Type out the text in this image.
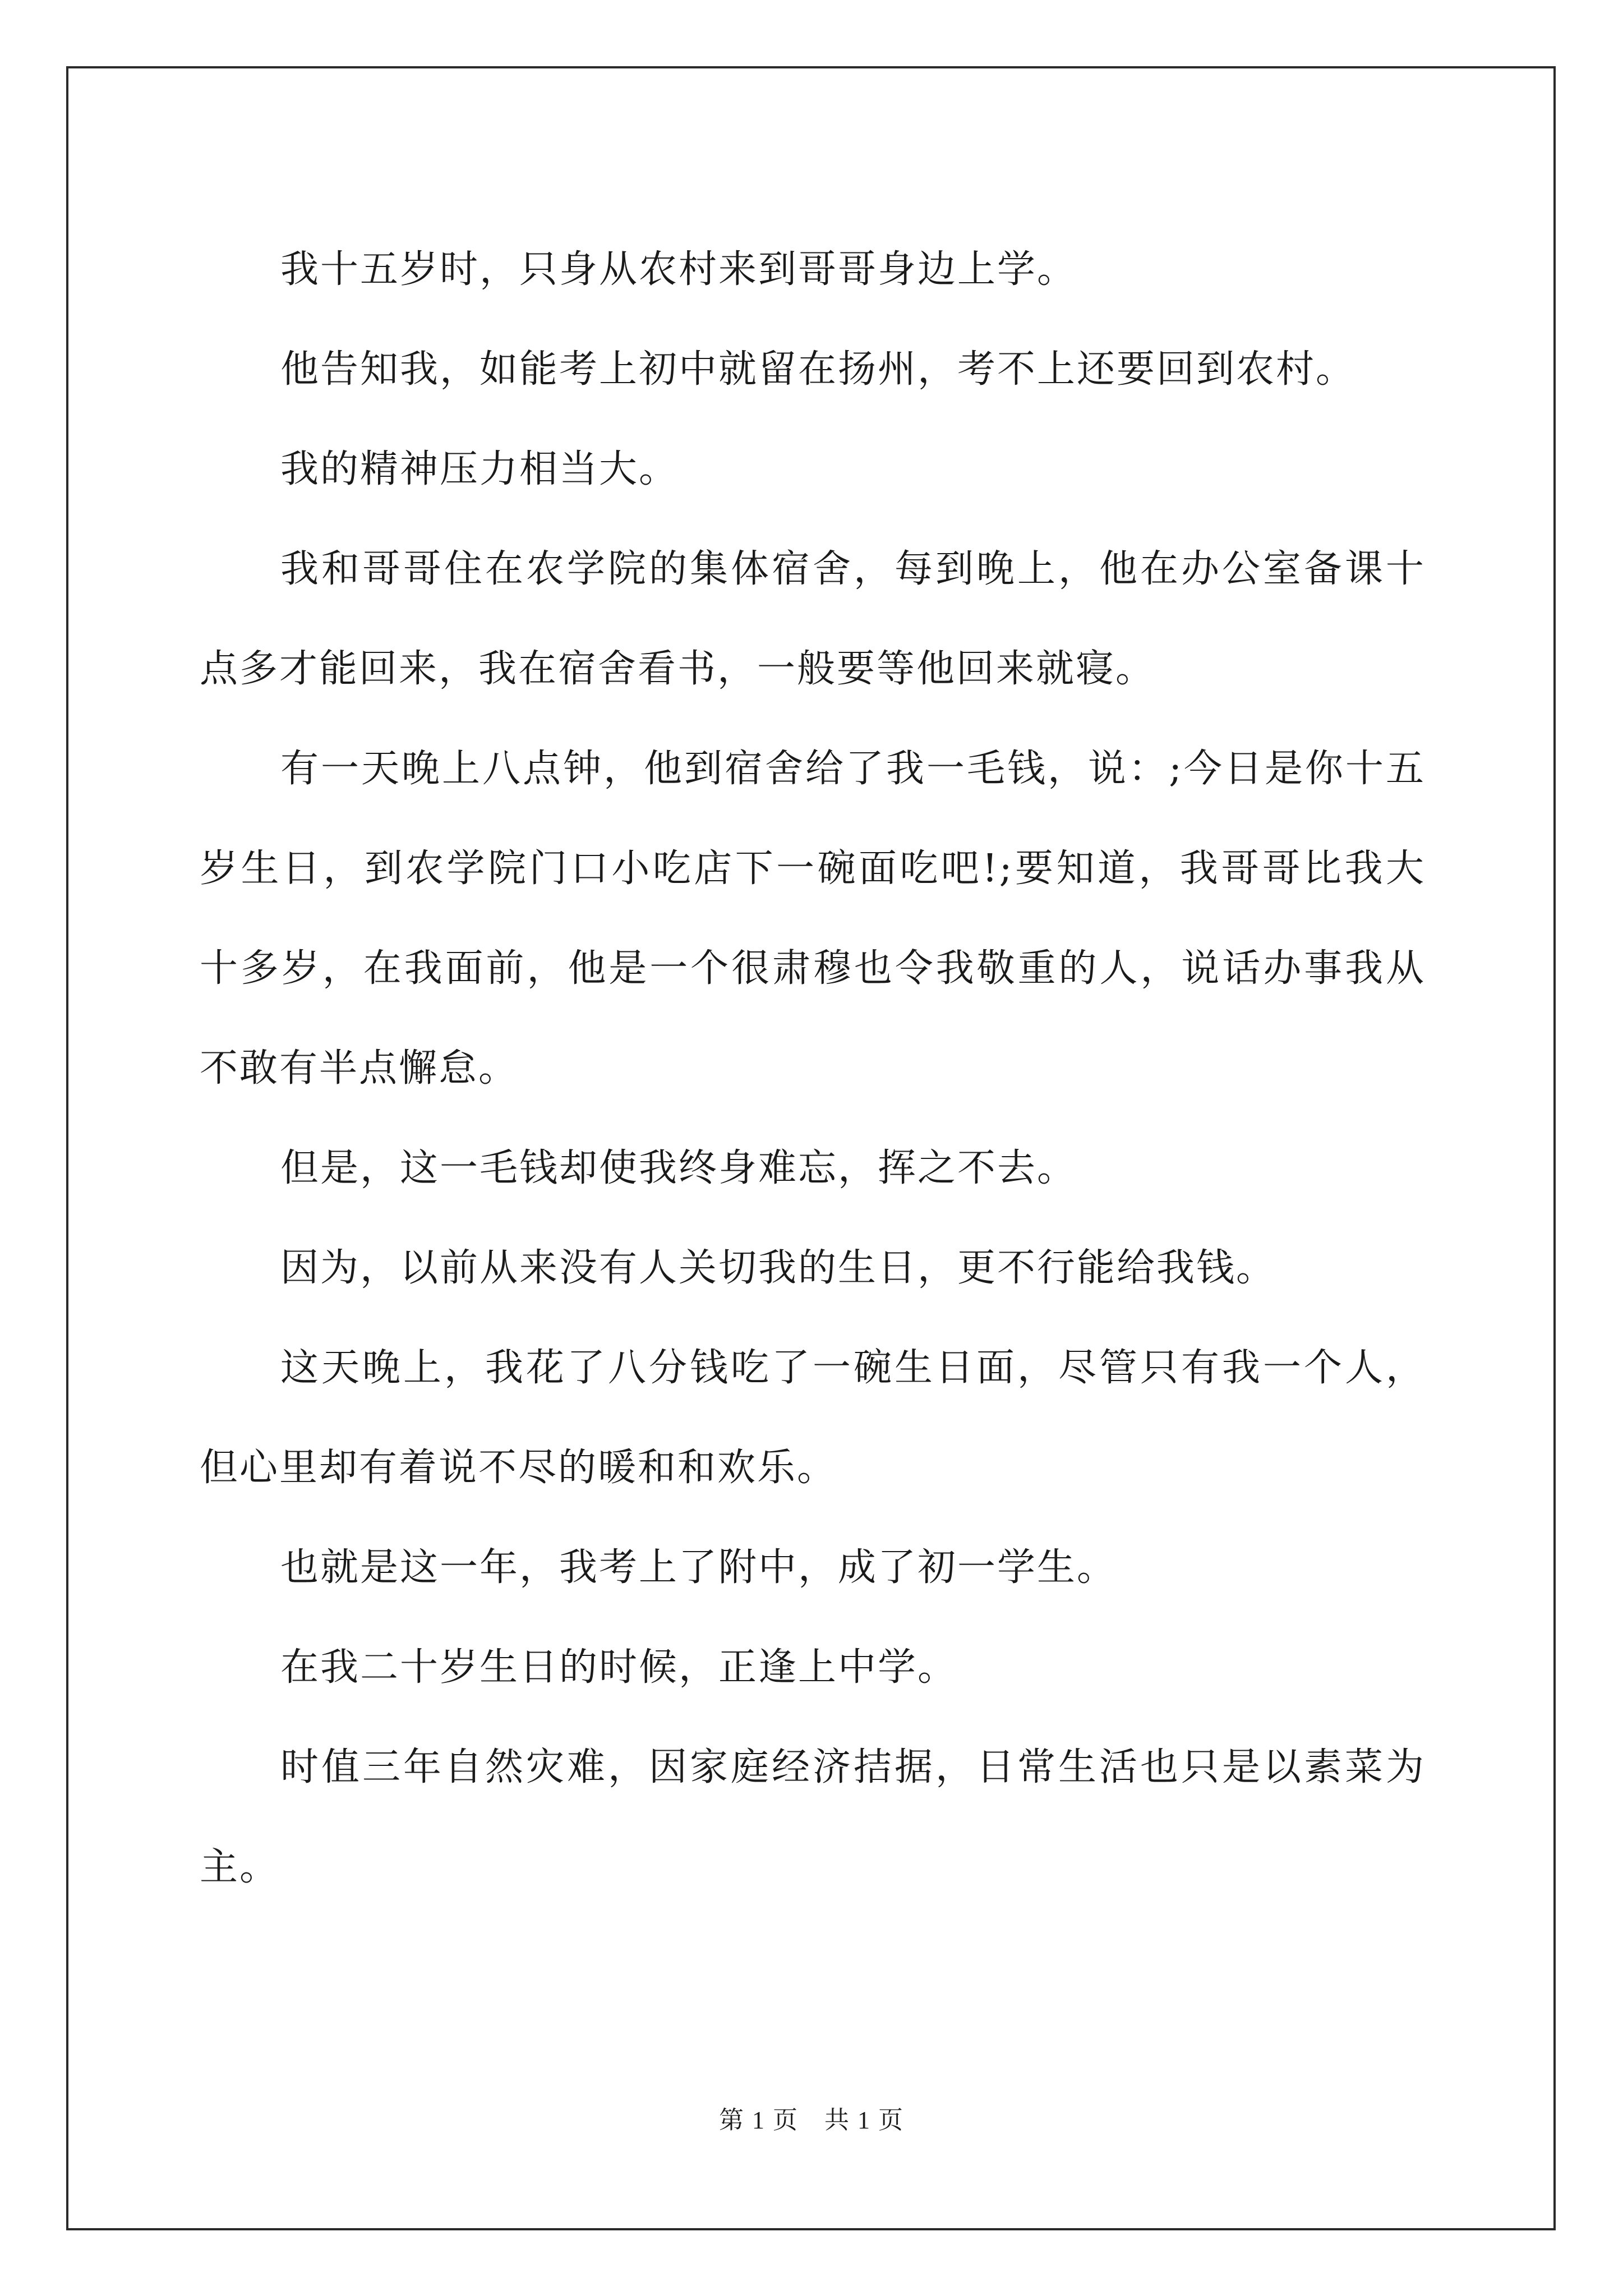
我十五岁时，只身从农村来到哥哥身边上学。

他告知我，如能考上初中就留在扬州，考不上还要回到农村。

我的精神压力相当大。

我和哥哥住在农学院的集体宿舍，每到晚上，他在办公室备课十点多才能回来，我在宿舍看书，一般要等他回来就寝。

有一天晚上八点钟，他到宿舍给了我一毛钱，说：;今日是你十五岁生日，到农学院门口小吃店下一碗面吃吧!;要知道，我哥哥比我大十多岁，在我面前，他是一个很肃穆也令我敬重的人，说话办事我从不敢有半点懈怠。

但是，这一毛钱却使我终身难忘，挥之不去。

因为，以前从来没有人关切我的生日，更不行能给我钱。

这天晚上，我花了八分钱吃了一碗生日面，尽管只有我一个人，但心里却有着说不尽的暖和和欢乐。

也就是这一年，我考上了附中，成了初一学生。

在我二十岁生日的时候，正逢上中学。

时值三年自然灾难，因家庭经济拮据，日常生活也只是以素菜为主。

第 1 页　共 1 页
